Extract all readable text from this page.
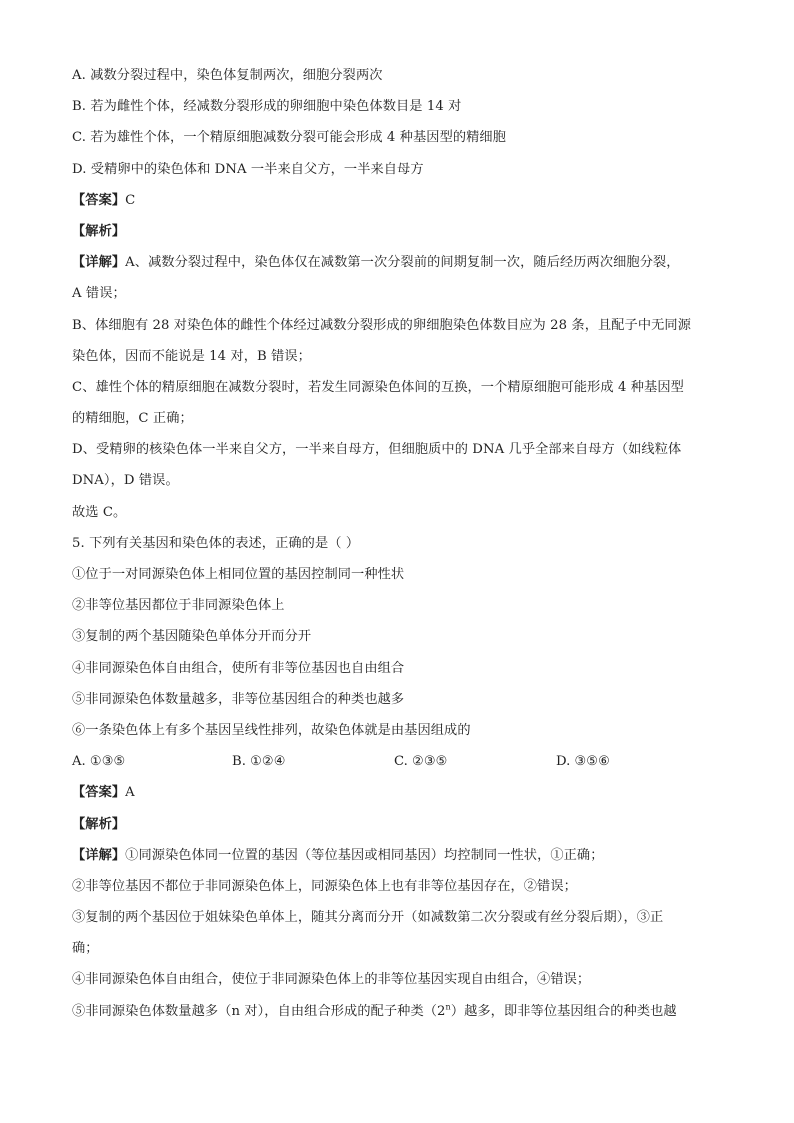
A. 减数分裂过程中，染色体复制两次，细胞分裂两次
B. 若为雌性个体，经减数分裂形成的卵细胞中染色体数目是 14 对
C. 若为雄性个体，一个精原细胞减数分裂可能会形成 4 种基因型的精细胞
D. 受精卵中的染色体和 DNA 一半来自父方，一半来自母方
【答案】C
【解析】
【详解】A、减数分裂过程中，染色体仅在减数第一次分裂前的间期复制一次，随后经历两次细胞分裂，
A 错误；
B、体细胞有 28 对染色体的雌性个体经过减数分裂形成的卵细胞染色体数目应为 28 条，且配子中无同源
染色体，因而不能说是 14 对，B 错误；
C、雄性个体的精原细胞在减数分裂时，若发生同源染色体间的互换，一个精原细胞可能形成 4 种基因型
的精细胞，C 正确；
D、受精卵的核染色体一半来自父方，一半来自母方，但细胞质中的 DNA 几乎全部来自母方（如线粒体
DNA），D 错误。
故选 C。
5. 下列有关基因和染色体的表述，正确的是（ ）
①位于一对同源染色体上相同位置的基因控制同一种性状
②非等位基因都位于非同源染色体上
③复制的两个基因随染色单体分开而分开
④非同源染色体自由组合，使所有非等位基因也自由组合
⑤非同源染色体数量越多，非等位基因组合的种类也越多
⑥一条染色体上有多个基因呈线性排列，故染色体就是由基因组成的
A. ①③⑤	B. ①②④	C. ②③⑤	D. ③⑤⑥
【答案】A
【解析】
【详解】①同源染色体同一位置的基因（等位基因或相同基因）均控制同一性状，①正确；
②非等位基因不都位于非同源染色体上，同源染色体上也有非等位基因存在，②错误；
③复制的两个基因位于姐妹染色单体上，随其分离而分开（如减数第二次分裂或有丝分裂后期），③正
确；
④非同源染色体自由组合，使位于非同源染色体上的非等位基因实现自由组合，④错误；
⑤非同源染色体数量越多（n 对），自由组合形成的配子种类（2$^n$）越多，即非等位基因组合的种类也越
